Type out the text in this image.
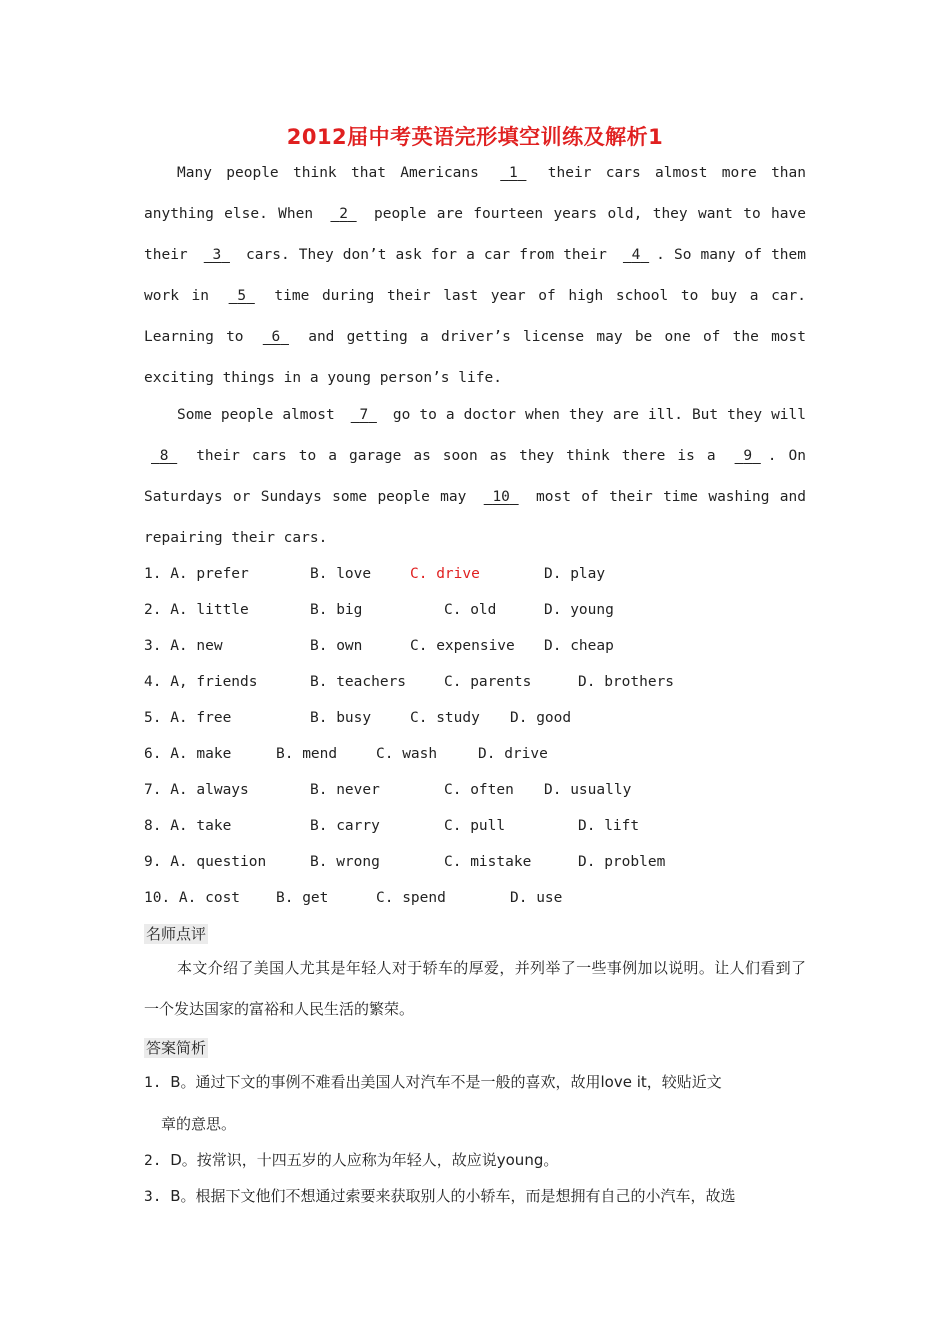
2012届中考英语完形填空训练及解析1
Many people think that Americans 1 their cars almost more than anything else. When 2 people are fourteen years old, they want to have their 3 cars. They don’t ask for a car from their 4 . So many of them work in 5 time during their last year of high school to buy a car. Learning to 6 and getting a driver’s license may be one of the most exciting things in a young person’s life.
Some people almost 7 go to a doctor when they are ill. But they will 8 their cars to a garage as soon as they think there is a 9 . On Saturdays or Sundays some people may 10 most of their time washing and repairing their cars.
1. A. prefer	B. love	C. drive	D. play
2. A. little	B. big	C. old	D. young
3. A. new	B. own	C. expensive D. cheap
4. A, friends	B. teachers	C. parents	D. brothers
5. A. free	B. busy	C. study D. good
6. A. make	B. mend	C. wash	D. drive
7. A. always	B. never	C. often D. usually
8. A. take	B. carry	C. pull	D. lift
9. A. question	B. wrong	C. mistake	D. problem
10. A. cost B. get	C. spend	D. use
名师点评
本文介绍了美国人尤其是年轻人对于轿车的厚爱，并列举了一些事例加以说明。让人们看到了一个发达国家的富裕和人民生活的繁荣。
答案简析
1. B。通过下文的事例不难看出美国人对汽车不是一般的喜欢，故用love it，较贴近文
章的意思。
2. D。按常识，十四五岁的人应称为年轻人，故应说young。
3. B。根据下文他们不想通过索要来获取别人的小轿车，而是想拥有自己的小汽车，故选
